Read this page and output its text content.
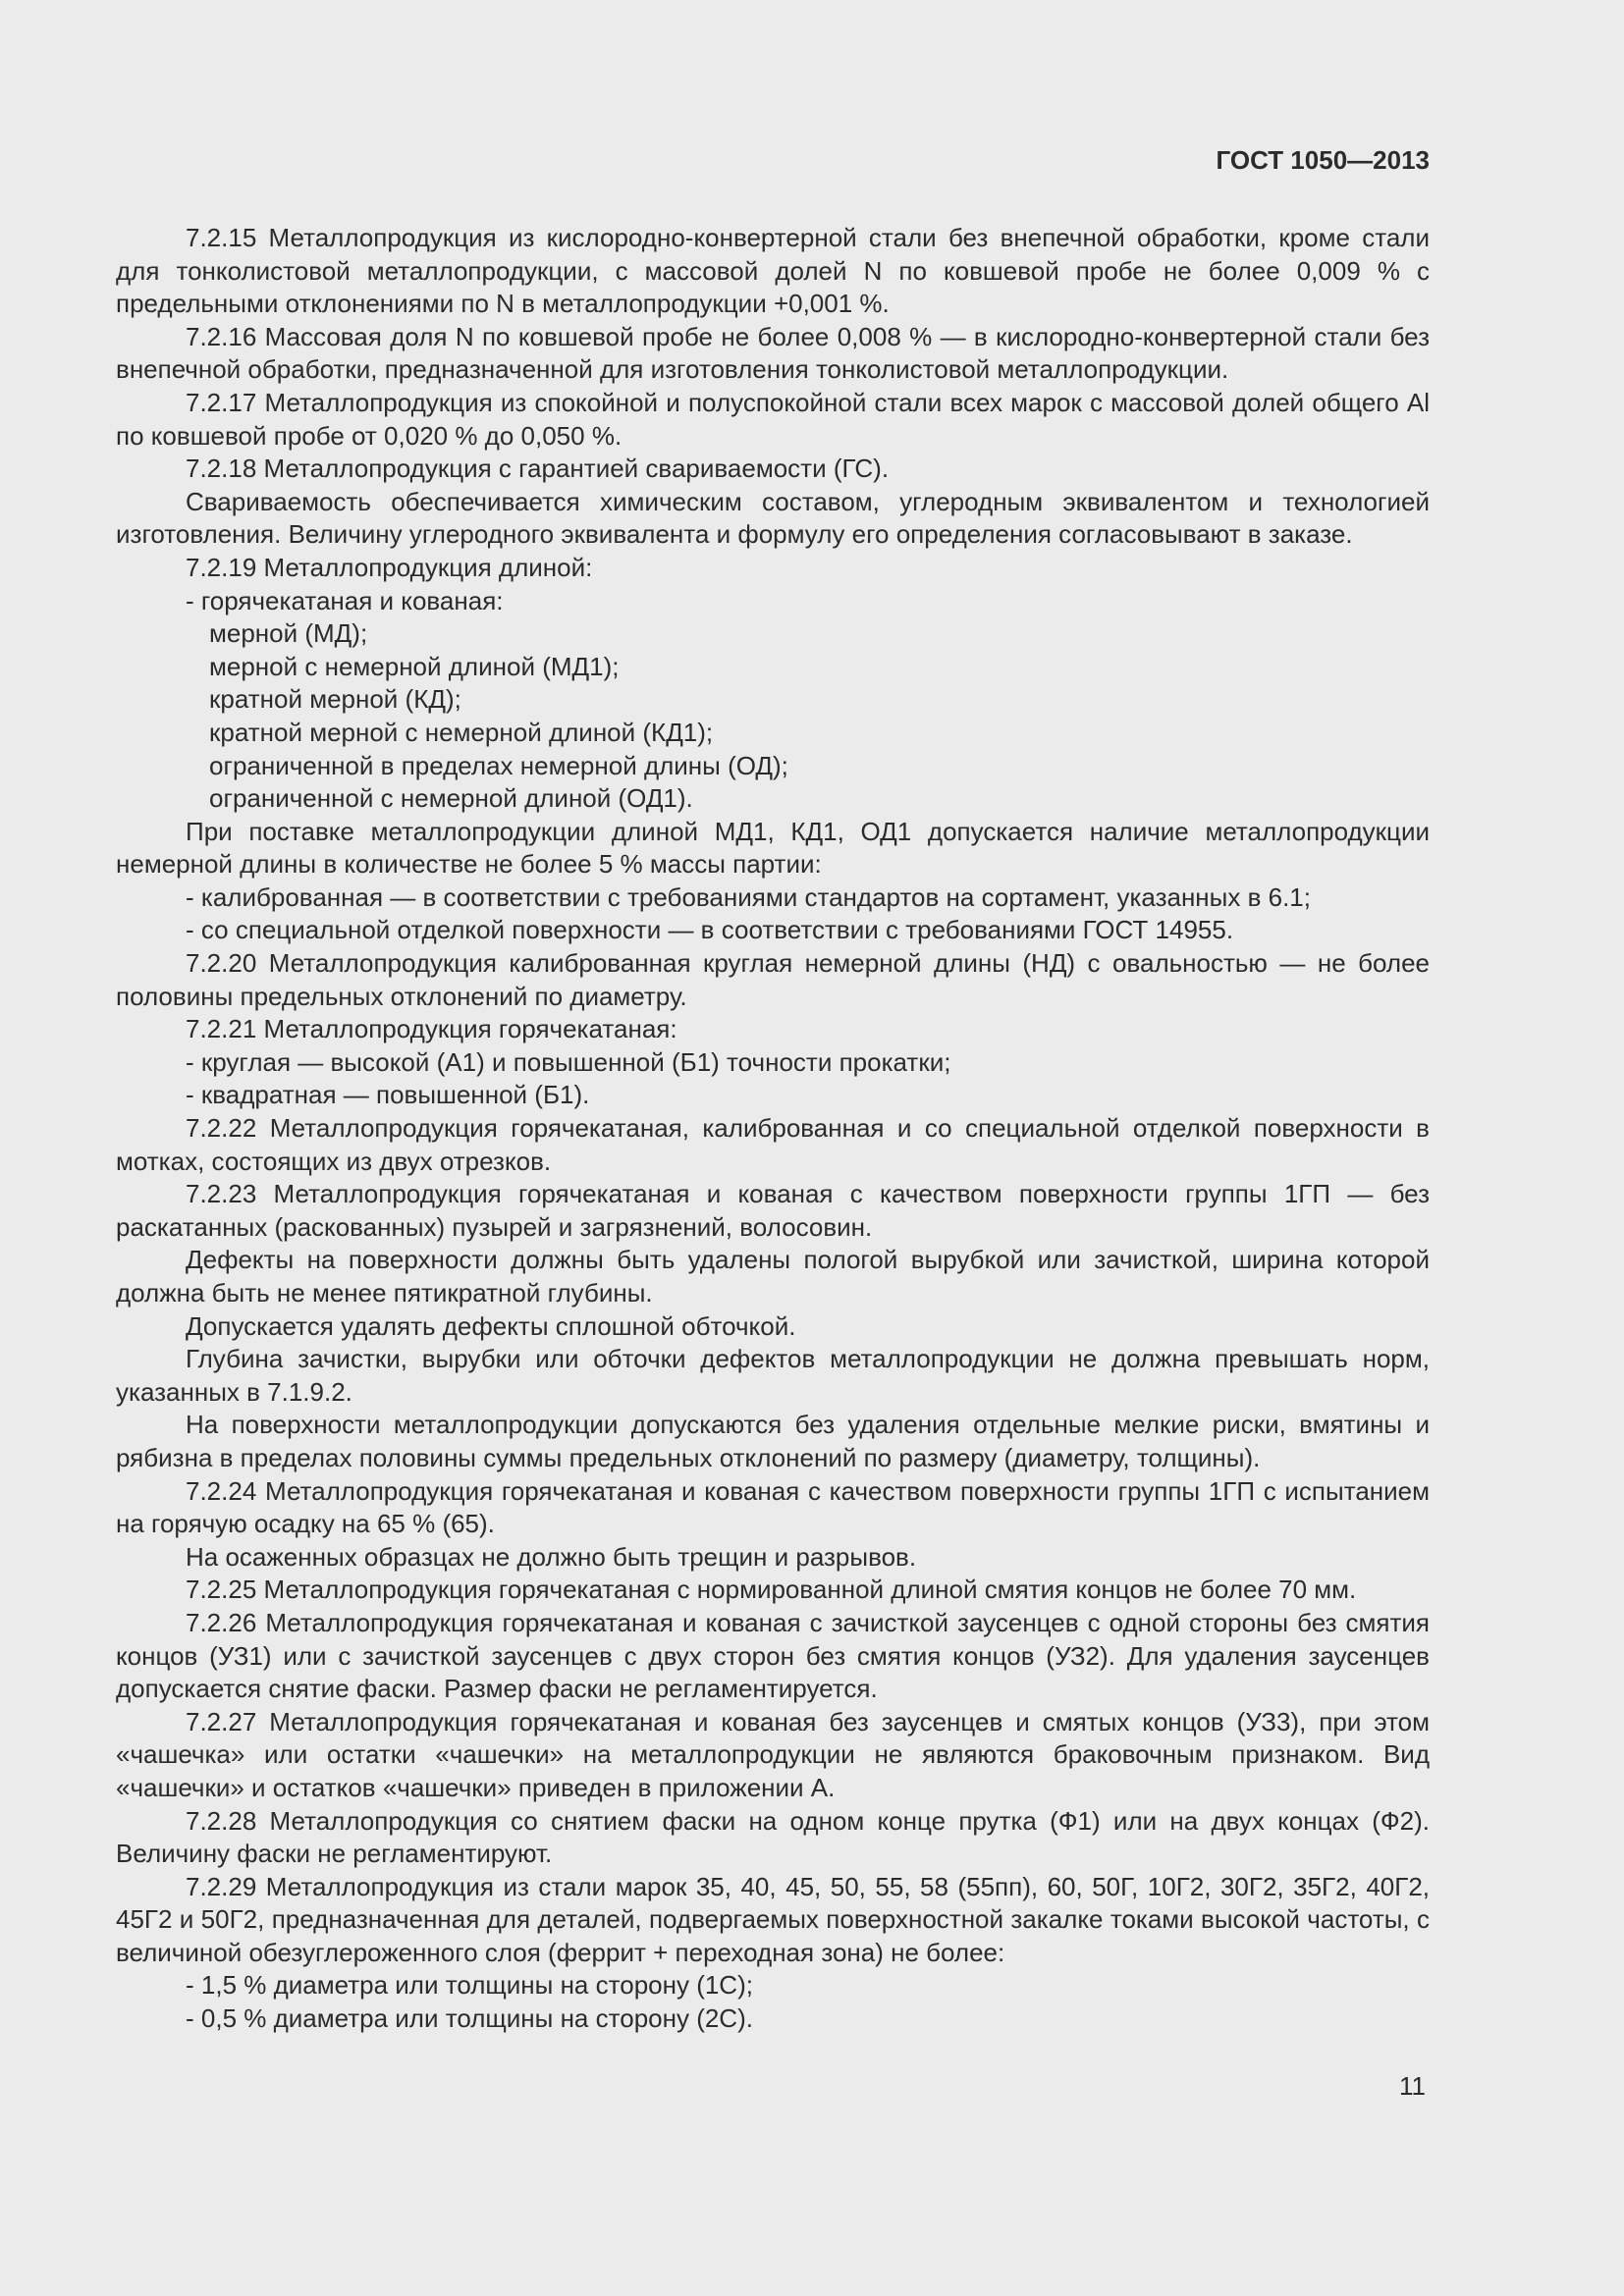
ГОСТ 1050—2013

7.2.15 Металлопродукция из кислородно-конвертерной стали без внепечной обработки, кроме стали для тонколистовой металлопродукции, с массовой долей N по ковшевой пробе не более 0,009 % с предельными отклонениями по N в металлопродукции +0,001 %.

7.2.16 Массовая доля N по ковшевой пробе не более 0,008 % — в кислородно-конвертерной стали без внепечной обработки, предназначенной для изготовления тонколистовой металлопродукции.

7.2.17 Металлопродукция из спокойной и полуспокойной стали всех марок с массовой долей общего Al по ковшевой пробе от 0,020 % до 0,050 %.

7.2.18 Металлопродукция с гарантией свариваемости (ГС).

Свариваемость обеспечивается химическим составом, углеродным эквивалентом и технологией изготовления. Величину углеродного эквивалента и формулу его определения согласовывают в заказе.

7.2.19 Металлопродукция длиной:

- горячекатаная и кованая:

мерной (МД);

мерной с немерной длиной (МД1);

кратной мерной (КД);

кратной мерной с немерной длиной (КД1);

ограниченной в пределах немерной длины (ОД);

ограниченной с немерной длиной (ОД1).

При поставке металлопродукции длиной МД1, КД1, ОД1 допускается наличие металлопродукции немерной длины в количестве не более 5 % массы партии:

- калиброванная — в соответствии с требованиями стандартов на сортамент, указанных в 6.1;

- со специальной отделкой поверхности — в соответствии с требованиями ГОСТ 14955.

7.2.20 Металлопродукция калиброванная круглая немерной длины (НД) с овальностью — не более половины предельных отклонений по диаметру.

7.2.21 Металлопродукция горячекатаная:

- круглая — высокой (А1) и повышенной (Б1) точности прокатки;

- квадратная — повышенной (Б1).

7.2.22 Металлопродукция горячекатаная, калиброванная и со специальной отделкой поверхности в мотках, состоящих из двух отрезков.

7.2.23 Металлопродукция горячекатаная и кованая с качеством поверхности группы 1ГП — без раскатанных (раскованных) пузырей и загрязнений, волосовин.

Дефекты на поверхности должны быть удалены пологой вырубкой или зачисткой, ширина которой должна быть не менее пятикратной глубины.

Допускается удалять дефекты сплошной обточкой.

Глубина зачистки, вырубки или обточки дефектов металлопродукции не должна превышать норм, указанных в 7.1.9.2.

На поверхности металлопродукции допускаются без удаления отдельные мелкие риски, вмятины и рябизна в пределах половины суммы предельных отклонений по размеру (диаметру, толщины).

7.2.24 Металлопродукция горячекатаная и кованая с качеством поверхности группы 1ГП с испытанием на горячую осадку на 65 % (65).

На осаженных образцах не должно быть трещин и разрывов.

7.2.25 Металлопродукция горячекатаная с нормированной длиной смятия концов не более 70 мм.

7.2.26 Металлопродукция горячекатаная и кованая с зачисткой заусенцев с одной стороны без смятия концов (УЗ1) или с зачисткой заусенцев с двух сторон без смятия концов (УЗ2). Для удаления заусенцев допускается снятие фаски. Размер фаски не регламентируется.

7.2.27 Металлопродукция горячекатаная и кованая без заусенцев и смятых концов (УЗ3), при этом «чашечка» или остатки «чашечки» на металлопродукции не являются браковочным признаком. Вид «чашечки» и остатков «чашечки» приведен в приложении А.

7.2.28 Металлопродукция со снятием фаски на одном конце прутка (Ф1) или на двух концах (Ф2). Величину фаски не регламентируют.

7.2.29 Металлопродукция из стали марок 35, 40, 45, 50, 55, 58 (55пп), 60, 50Г, 10Г2, 30Г2, 35Г2, 40Г2, 45Г2 и 50Г2, предназначенная для деталей, подвергаемых поверхностной закалке токами высокой частоты, с величиной обезуглероженного слоя (феррит + переходная зона) не более:

- 1,5 % диаметра или толщины на сторону (1С);

- 0,5 % диаметра или толщины на сторону (2С).

11
